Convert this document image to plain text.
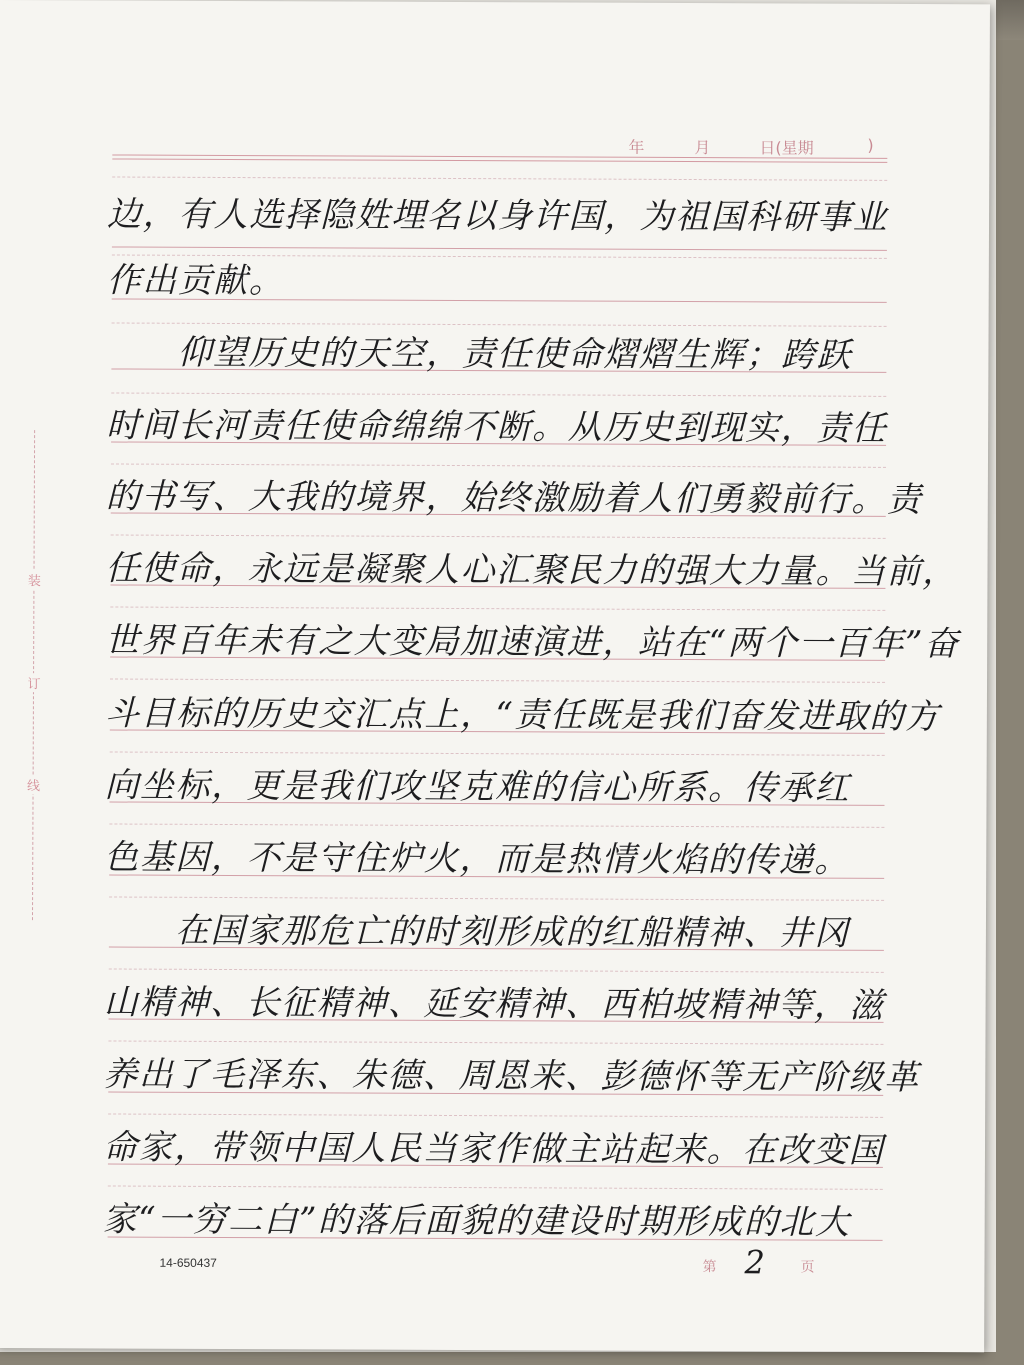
年	月	日(星期	)
装
订
线
边，有人选择隐姓埋名以身许国，为祖国科研事业
作出贡献。
　　仰望历史的天空，责任使命熠熠生辉；跨跃
时间长河责任使命绵绵不断。从历史到现实，责任
的书写、大我的境界，始终激励着人们勇毅前行。责
任使命，永远是凝聚人心汇聚民力的强大力量。当前，
世界百年未有之大变局加速演进，站在“两个一百年”奋
斗目标的历史交汇点上，“责任既是我们奋发进取的方
向坐标，更是我们攻坚克难的信心所系。传承红
色基因，不是守住炉火，而是热情火焰的传递。
　　在国家那危亡的时刻形成的红船精神、井冈
山精神、长征精神、延安精神、西柏坡精神等，滋
养出了毛泽东、朱德、周恩来、彭德怀等无产阶级革
命家，带领中国人民当家作做主站起来。在改变国
家“一穷二白”的落后面貌的建设时期形成的北大
14-650437	第 2	页
